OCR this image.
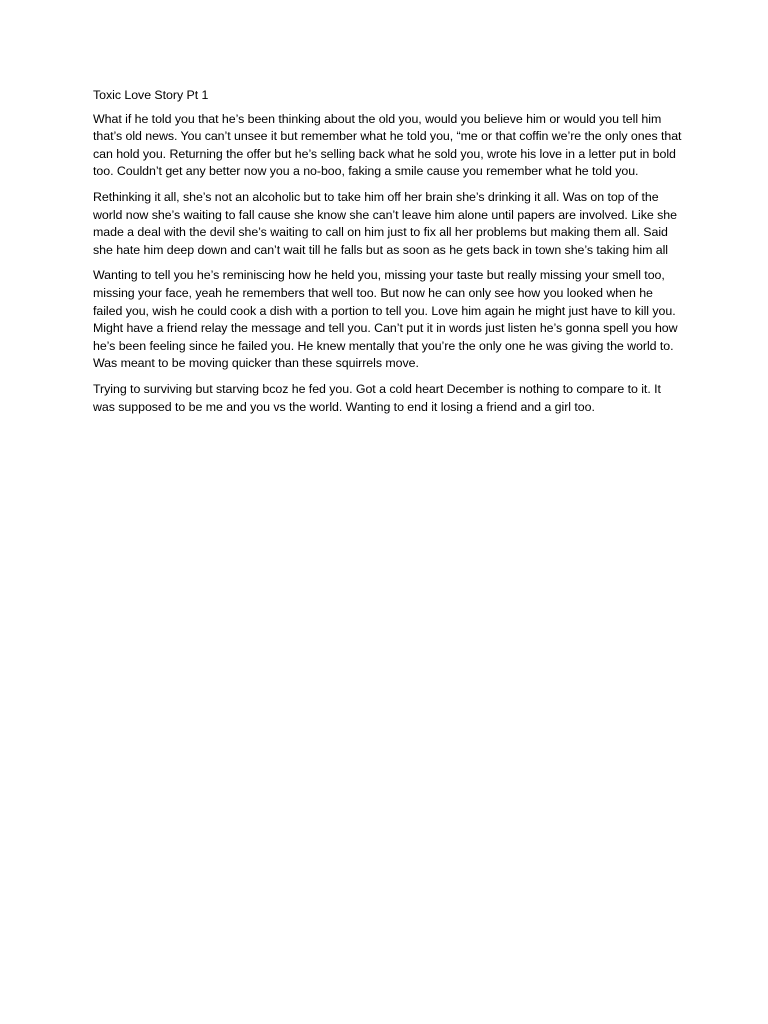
Toxic Love Story Pt 1

What if he told you that he’s been thinking about the old you, would you believe him or would you tell him that’s old news. You can’t unsee it but remember what he told you, “me or that coffin we’re the only ones that can hold you. Returning the offer but he’s selling back what he sold you, wrote his love in a letter put in bold too. Couldn’t get any better now you a no-boo, faking a smile cause you remember what he told you.

Rethinking it all, she’s not an alcoholic but to take him off her brain she’s drinking it all. Was on top of the world now she’s waiting to fall cause she know she can’t leave him alone until papers are involved. Like she made a deal with the devil she’s waiting to call on him just to fix all her problems but making them all. Said she hate him deep down and can’t wait till he falls but as soon as he gets back in town she’s taking him all

Wanting to tell you he’s reminiscing how he held you, missing your taste but really missing your smell too, missing your face, yeah he remembers that well too. But now he can only see how you looked when he failed you, wish he could cook a dish with a portion to tell you. Love him again he might just have to kill you. Might have a friend relay the message and tell you. Can’t put it in words just listen he’s gonna spell you how he’s been feeling since he failed you. He knew mentally that you’re the only one he was giving the world to. Was meant to be moving quicker than these squirrels move.

Trying to surviving but starving bcoz he fed you. Got a cold heart December is nothing to compare to it. It was supposed to be me and you vs the world. Wanting to end it losing a friend and a girl too.
